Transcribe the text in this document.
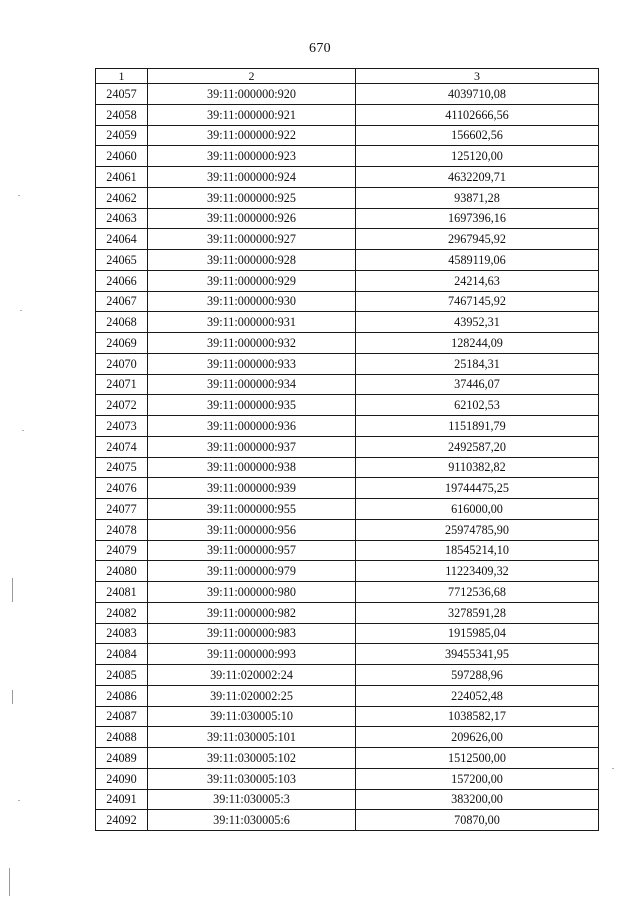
670
1	2	3
24057	39:11:000000:920	4039710,08
24058	39:11:000000:921	41102666,56
24059	39:11:000000:922	156602,56
24060	39:11:000000:923	125120,00
24061	39:11:000000:924	4632209,71
24062	39:11:000000:925	93871,28
24063	39:11:000000:926	1697396,16
24064	39:11:000000:927	2967945,92
24065	39:11:000000:928	4589119,06
24066	39:11:000000:929	24214,63
24067	39:11:000000:930	7467145,92
24068	39:11:000000:931	43952,31
24069	39:11:000000:932	128244,09
24070	39:11:000000:933	25184,31
24071	39:11:000000:934	37446,07
24072	39:11:000000:935	62102,53
24073	39:11:000000:936	1151891,79
24074	39:11:000000:937	2492587,20
24075	39:11:000000:938	9110382,82
24076	39:11:000000:939	19744475,25
24077	39:11:000000:955	616000,00
24078	39:11:000000:956	25974785,90
24079	39:11:000000:957	18545214,10
24080	39:11:000000:979	11223409,32
24081	39:11:000000:980	7712536,68
24082	39:11:000000:982	3278591,28
24083	39:11:000000:983	1915985,04
24084	39:11:000000:993	39455341,95
24085	39:11:020002:24	597288,96
24086	39:11:020002:25	224052,48
24087	39:11:030005:10	1038582,17
24088	39:11:030005:101	209626,00
24089	39:11:030005:102	1512500,00
24090	39:11:030005:103	157200,00
24091	39:11:030005:3	383200,00
24092	39:11:030005:6	70870,00
